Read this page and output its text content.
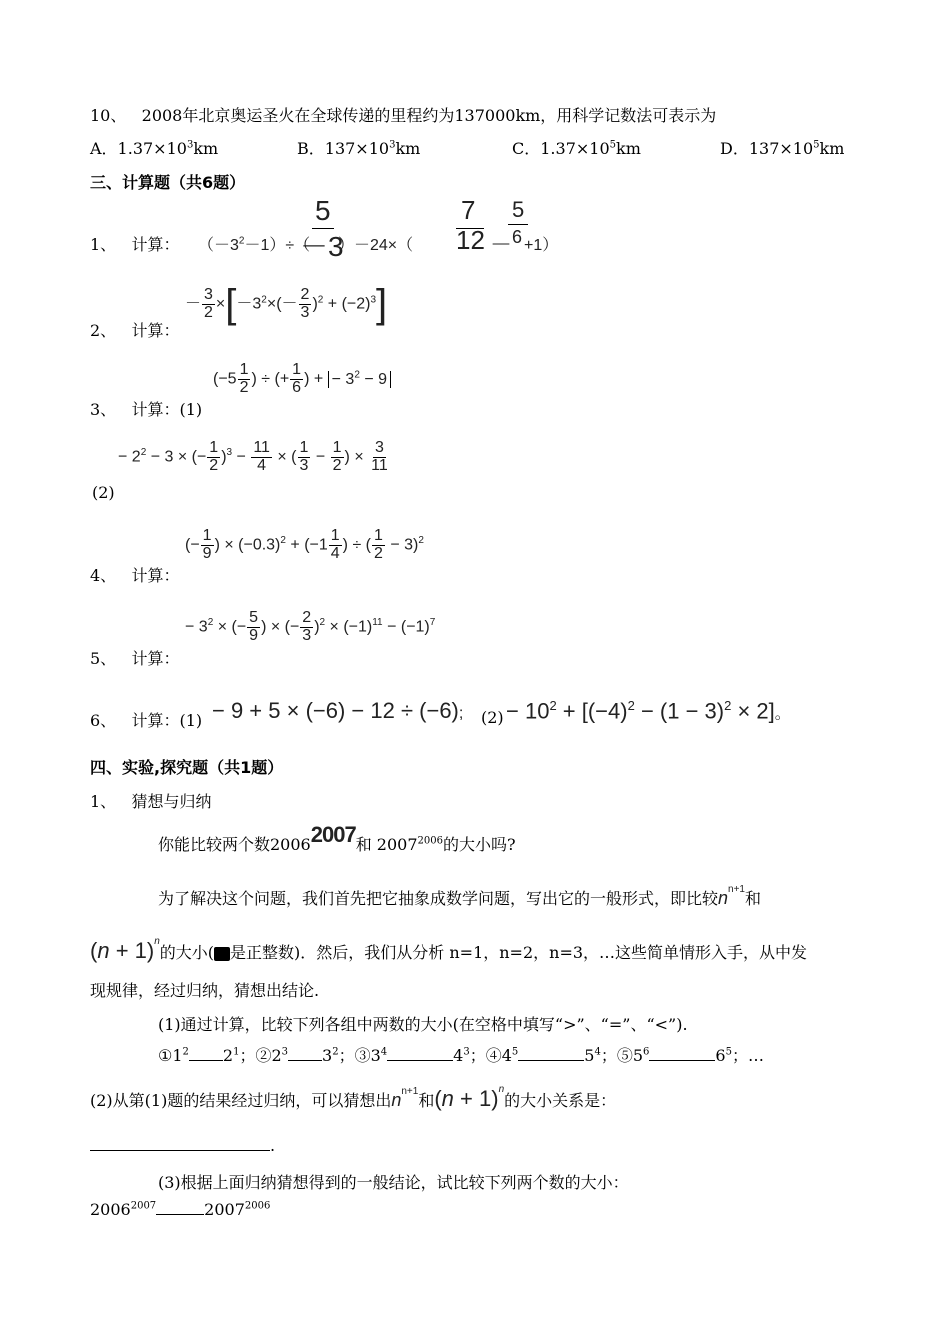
10、 2008年北京奥运圣火在全球传递的里程约为137000km，用科学记数法可表示为
A．$1.37\times 10^3km$	B．$137\times 10^3km$	C．$1.37\times 10^5km$	D．$137\times 10^5km$
三、计算题（共6题）
1、 计算： $(-3^2-1)\div$（
5
－3
）－24×（
7
12 －
5
6 +1）
2、 计算：
－ $\frac{3}{2} \times[-3^2\times(- \frac{2}{3} )^2 + (-2)^3]$
3、 计算：(1)
($-5 \frac{1}{2}$ ) ÷ (+ $\frac{1}{6}$ ) + − $3^2 - 9$
(2)
− $2^2 - 3$ × (− $\frac{1}{2} )^3 - \frac{11}{4}$ × ( $\frac{1}{3} - \frac{1}{2}$ ) × $\frac{3}{11}$
4、 计算：
(− $\frac{1}{9}$ ) × $(-0.3)^2 + (-1 \frac{1}{4}$ ) ÷ ( $\frac{1}{2} - 3)^2$
5、 计算：
− $3^2$ × (− $\frac{5}{9}$ ) × (− $\frac{2}{3} )^2 \times (-1)^{11} - (-1)^7$
6、 计算：(1) − 9 + 5 × (−6) − 12 ÷ (−6); $(2) - 10^2 + [(-4)^2 - (1 - 3)^2 \times 2]$。
四、实验,探究题（共1题）
1、 猜想与归纳
你能比较两个数20062007和 $2007^{2006}$的大小吗?
为了解决这个问题，我们首先把它抽象成数学问题，写出它的一般形式，即比较$n^{n+1}$和
$(n + 1)^n$的大小( 是正整数)．然后，我们从分析 n=1，n=2，n=3，…这些简单情形入手，从中发
现规律，经过归纳，猜想出结论.
(1)通过计算，比较下列各组中两数的大小(在空格中填写“>”、“=”、“<”).
$①1^2$ $2^1$；$②2^3$ $3^2$；$③3^4$	$4^3$；$④4^5$	$5^4$；$⑤5^6$	$6^5$；…
(2)从第(1)题的结果经过归纳，可以猜想出$n^{n+1}$和$(n + 1)^n$的大小关系是：
.
(3)根据上面归纳猜想得到的一般结论，试比较下列两个数的大小：
$2006^{2007}$	$2007^{2006}$
